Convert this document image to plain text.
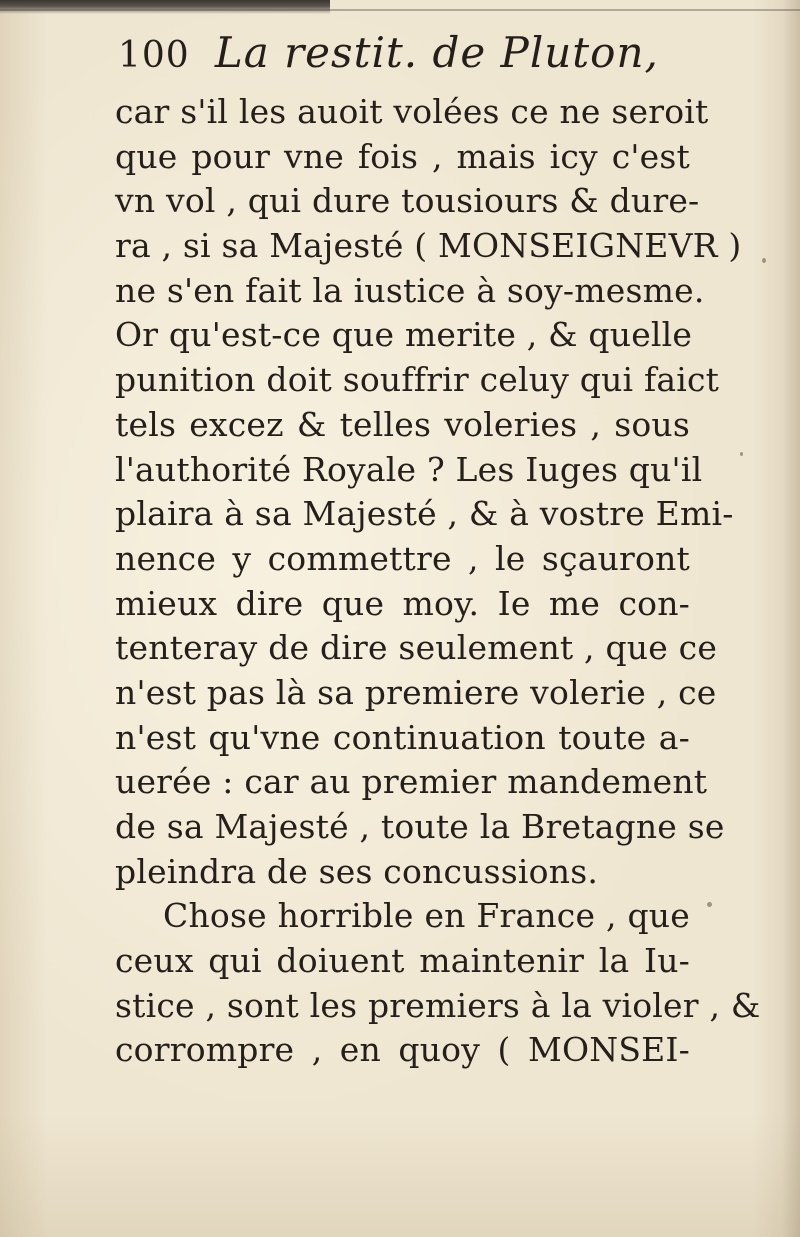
100 La restit. de Pluton,
car s'il les auoit volées ce ne seroit
que pour vne fois , mais icy c'est
vn vol , qui dure tousiours & dure-
ra , si sa Majesté ( MONSEIGNEVR )
ne s'en fait la iustice à soy-mesme.
Or qu'est-ce que merite , & quelle
punition doit souffrir celuy qui faict
tels excez & telles voleries , sous
l'authorité Royale ? Les Iuges qu'il
plaira à sa Majesté , & à vostre Emi-
nence y commettre , le sçauront
mieux dire que moy. Ie me con-
tenteray de dire seulement , que ce
n'est pas là sa premiere volerie , ce
n'est qu'vne continuation toute a-
uerée : car au premier mandement
de sa Majesté , toute la Bretagne se
pleindra de ses concussions.
Chose horrible en France , que
ceux qui doiuent maintenir la Iu-
stice , sont les premiers à la violer , &
corrompre , en quoy ( MONSEI-
